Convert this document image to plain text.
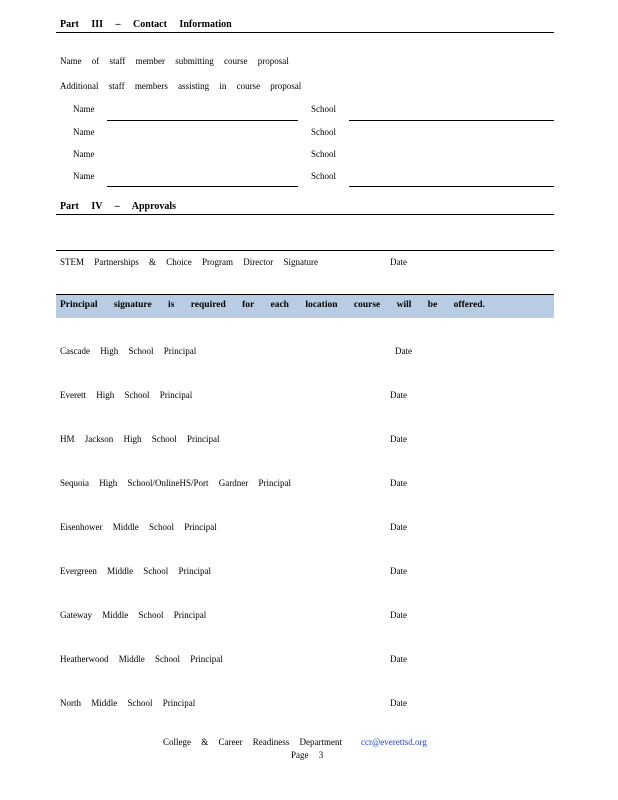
Part III – Contact Information
Name of staff member submitting course proposal
Additional staff members assisting in course proposal
Name	School
Name	School
Name	School
Name	School
Part IV – Approvals
STEM Partnerships & Choice Program Director Signature	Date
Principal signature is required for each location course will be offered.
Cascade High School Principal	Date
Everett High School Principal	Date
HM Jackson High School Principal	Date
Sequoia High School/OnlineHS/Port Gardner Principal	Date
Eisenhower Middle School Principal	Date
Evergreen Middle School Principal	Date
Gateway Middle School Principal	Date
Heatherwood Middle School Principal	Date
North Middle School Principal	Date
College & Career Readiness Department ccr@everettsd.org
Page 3
